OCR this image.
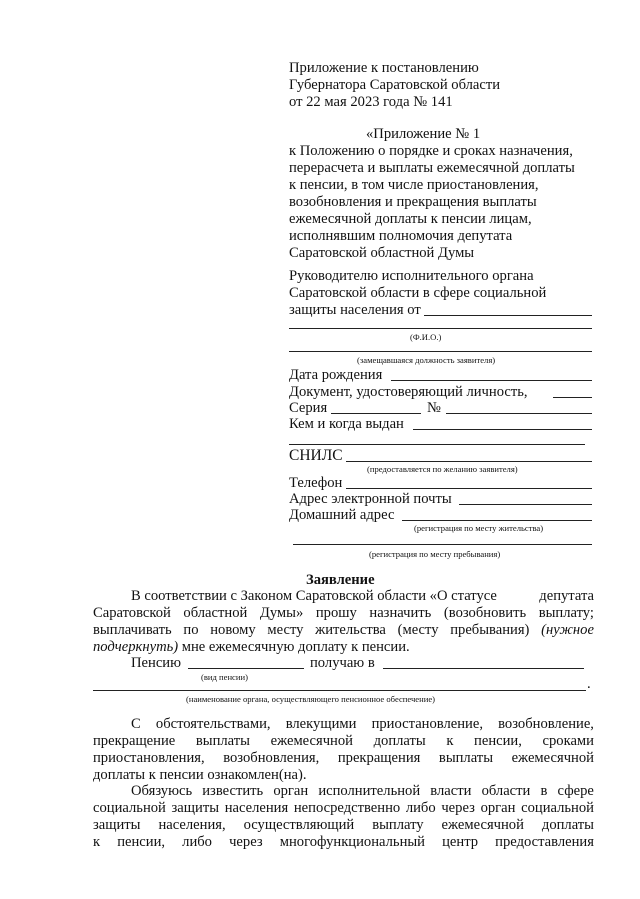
Приложение к постановлению
Губернатора Саратовской области
от 22 мая 2023 года № 141
«Приложение № 1
к Положению о порядке и сроках назначения,
перерасчета и выплаты ежемесячной доплаты
к пенсии, в том числе приостановления,
возобновления и прекращения выплаты
ежемесячной доплаты к пенсии лицам,
исполнявшим полномочия депутата
Саратовской областной Думы
Руководителю исполнительного органа
Саратовской области в сфере социальной
защиты населения от
(Ф.И.О.)
(замещавшаяся должность заявителя)
Дата рождения
Документ, удостоверяющий личность,
Серия	№
Кем и когда выдан
СНИЛС
(предоставляется по желанию заявителя)
Телефон
Адрес электронной почты
Домашний адрес
(регистрация по месту жительства)
(регистрация по месту пребывания)
Заявление
В соответствии с Законом Саратовской области «О статусе	депутата
Саратовской областной Думы» прошу назначить (возобновить выплату;
выплачивать по новому месту жительства (месту пребывания) (нужное
подчеркнуть) мне ежемесячную доплату к пенсии.
Пенсию	получаю в
(вид пенсии)	.
(наименование органа, осуществляющего пенсионное обеспечение)
С обстоятельствами, влекущими приостановление, возобновление,
прекращение выплаты ежемесячной доплаты к пенсии, сроками
приостановления, возобновления, прекращения выплаты ежемесячной
доплаты к пенсии ознакомлен(на).
Обязуюсь известить орган исполнительной власти области в сфере
социальной защиты населения непосредственно либо через орган социальной
защиты населения, осуществляющий выплату ежемесячной доплаты
к пенсии, либо через многофункциональный центр предоставления
